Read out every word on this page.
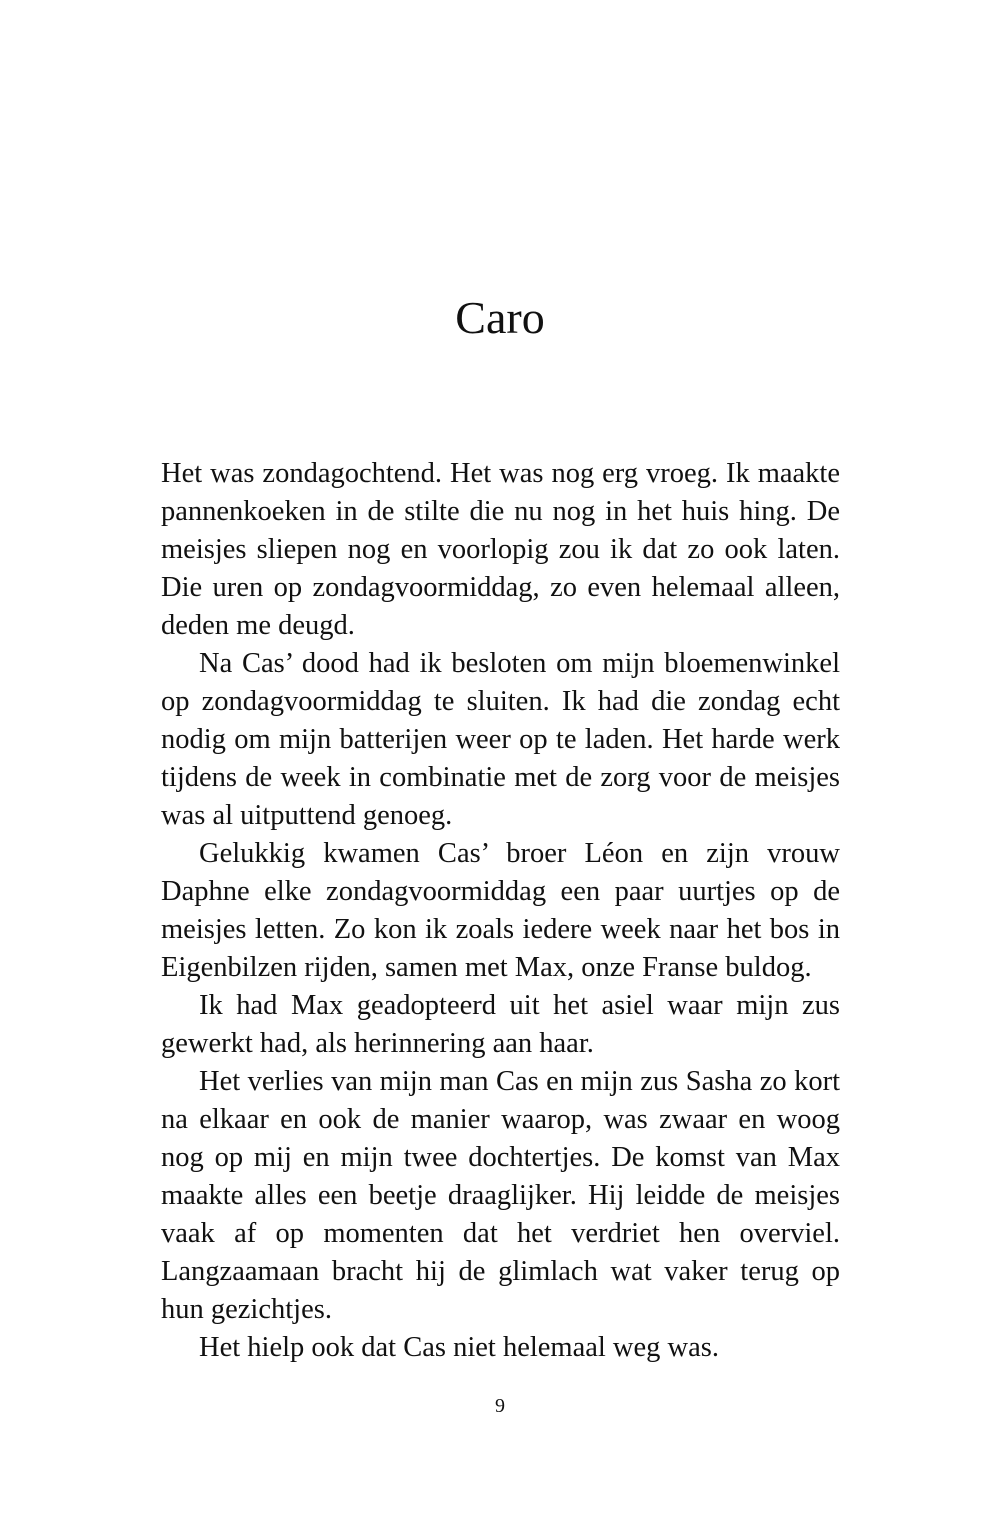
Caro

Het was zondagochtend. Het was nog erg vroeg. Ik maakte pannenkoeken in de stilte die nu nog in het huis hing. De meisjes sliepen nog en voorlopig zou ik dat zo ook laten. Die uren op zondagvoormiddag, zo even helemaal alleen, deden me deugd.

Na Cas’ dood had ik besloten om mijn bloemenwinkel op zondagvoormiddag te sluiten. Ik had die zondag echt nodig om mijn batterijen weer op te laden. Het harde werk tijdens de week in combinatie met de zorg voor de meisjes was al uitputtend genoeg.

Gelukkig kwamen Cas’ broer Léon en zijn vrouw Daphne elke zondagvoormiddag een paar uurtjes op de meisjes letten. Zo kon ik zoals iedere week naar het bos in Eigenbilzen rijden, samen met Max, onze Franse buldog.

Ik had Max geadopteerd uit het asiel waar mijn zus gewerkt had, als herinnering aan haar.

Het verlies van mijn man Cas en mijn zus Sasha zo kort na elkaar en ook de manier waarop, was zwaar en woog nog op mij en mijn twee dochtertjes. De komst van Max maakte alles een beetje draaglijker. Hij leidde de meisjes vaak af op momenten dat het verdriet hen overviel. Langzaamaan bracht hij de glimlach wat vaker terug op hun gezichtjes.

Het hielp ook dat Cas niet helemaal weg was.

9
